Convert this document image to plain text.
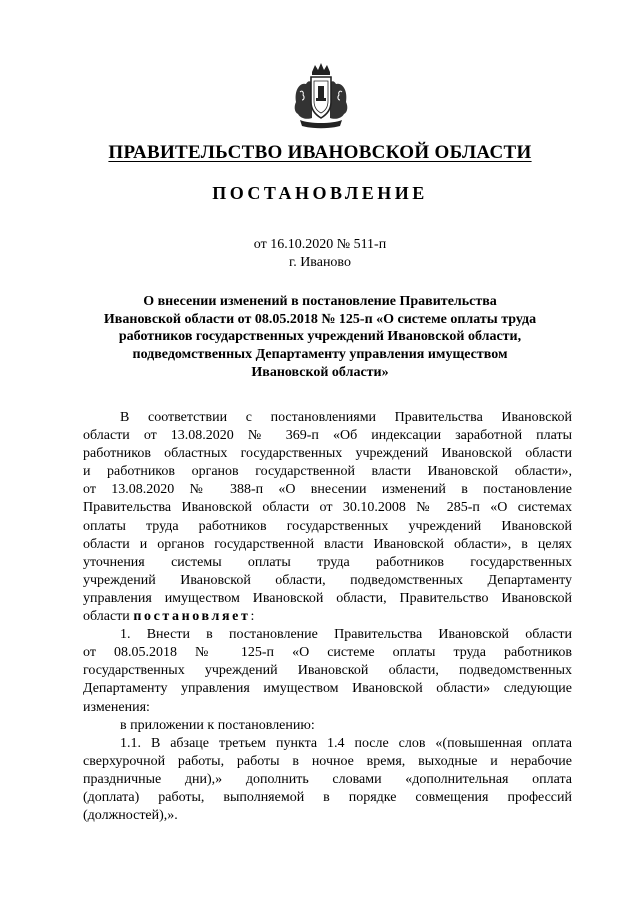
ПРАВИТЕЛЬСТВО ИВАНОВСКОЙ ОБЛАСТИ
ПОСТАНОВЛЕНИЕ
от 16.10.2020 № 511-п
г. Иваново
О внесении изменений в постановление Правительства
Ивановской области от 08.05.2018 № 125-п «О системе оплаты труда
работников государственных учреждений Ивановской области,
подведомственных Департаменту управления имуществом
Ивановской области»
В соответствии с постановлениями Правительства Ивановской
области от 13.08.2020 № 369-п «Об индексации заработной платы
работников областных государственных учреждений Ивановской области
и работников органов государственной власти Ивановской области»,
от 13.08.2020 № 388-п «О внесении изменений в постановление
Правительства Ивановской области от 30.10.2008 № 285-п «О системах
оплаты труда работников государственных учреждений Ивановской
области и органов государственной власти Ивановской области», в целях
уточнения системы оплаты труда работников государственных
учреждений Ивановской области, подведомственных Департаменту
управления имуществом Ивановской области, Правительство Ивановской
области постановляет:
1. Внести в постановление Правительства Ивановской области
от 08.05.2018 № 125-п «О системе оплаты труда работников
государственных учреждений Ивановской области, подведомственных
Департаменту управления имуществом Ивановской области» следующие
изменения:
в приложении к постановлению:
1.1. В абзаце третьем пункта 1.4 после слов «(повышенная оплата
сверхурочной работы, работы в ночное время, выходные и нерабочие
праздничные дни),» дополнить словами «дополнительная оплата
(доплата) работы, выполняемой в порядке совмещения профессий
(должностей),».
